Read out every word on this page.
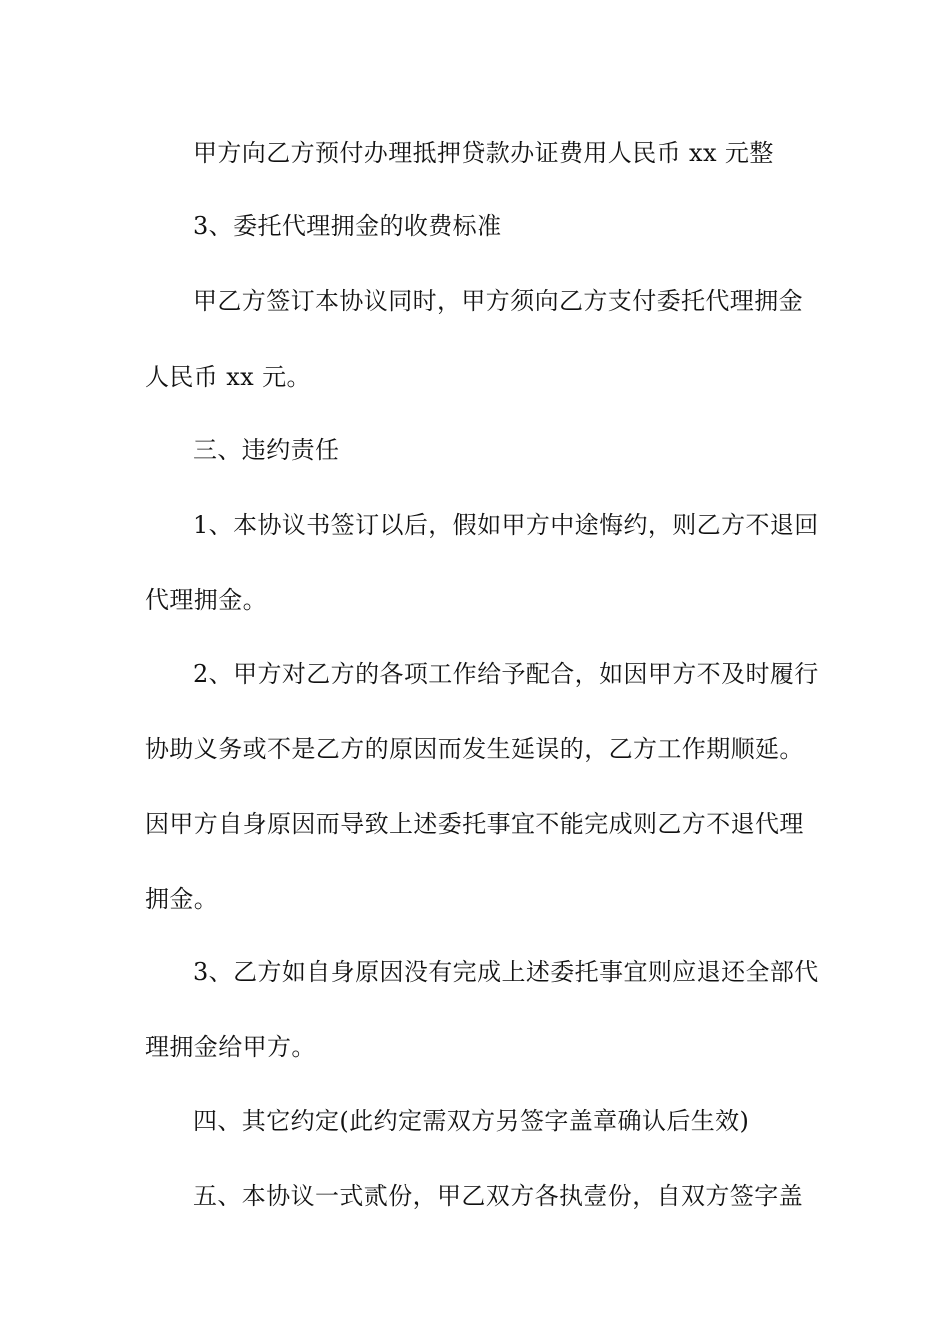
甲方向乙方预付办理抵押贷款办证费用人民币 xx 元整
3、委托代理拥金的收费标准
甲乙方签订本协议同时，甲方须向乙方支付委托代理拥金
人民币 xx 元。
三、违约责任
1、本协议书签订以后，假如甲方中途悔约，则乙方不退回
代理拥金。
2、甲方对乙方的各项工作给予配合，如因甲方不及时履行
协助义务或不是乙方的原因而发生延误的，乙方工作期顺延。
因甲方自身原因而导致上述委托事宜不能完成则乙方不退代理
拥金。
3、乙方如自身原因没有完成上述委托事宜则应退还全部代
理拥金给甲方。
四、其它约定(此约定需双方另签字盖章确认后生效)
五、本协议一式贰份，甲乙双方各执壹份，自双方签字盖
